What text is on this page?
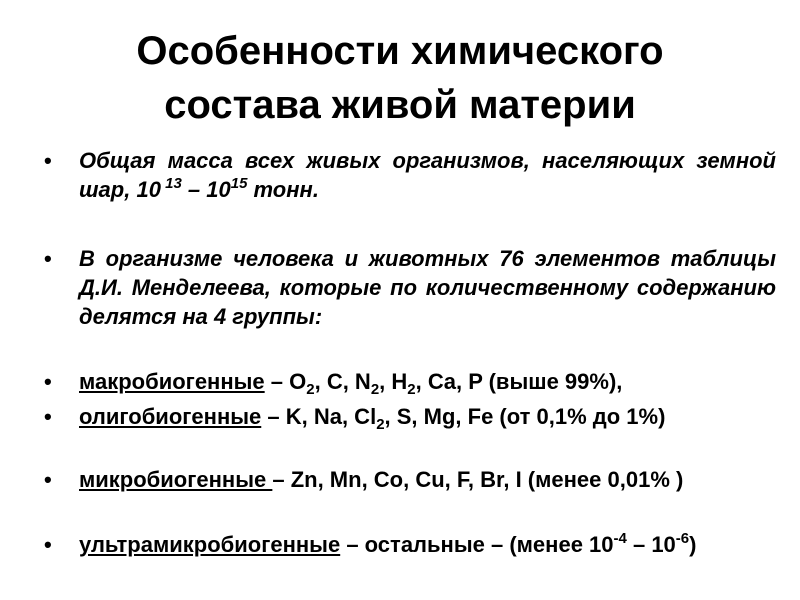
Особенности химического
состава живой материи
• Общая масса всех живых организмов, населяющих земной шар, 10 $^{13} - 10^{15}$ тонн.
• В организме человека и животных 76 элементов таблицы Д.И. Менделеева, которые по количественному содержанию делятся на 4 группы:
• макробиогенные – $O_2$, C, $N_2$, $H_2$, Ca, P (выше 99%),
• олигобиогенные – K, Na, $Cl_2$, S, Mg, Fe (от 0,1% до 1%)
• микробиогенные – Zn, Mn, Co, Cu, F, Br, I (менее 0,01% )
• ультрамикробиогенные – остальные – (менее $10^{-4} - 10^{-6}$)
